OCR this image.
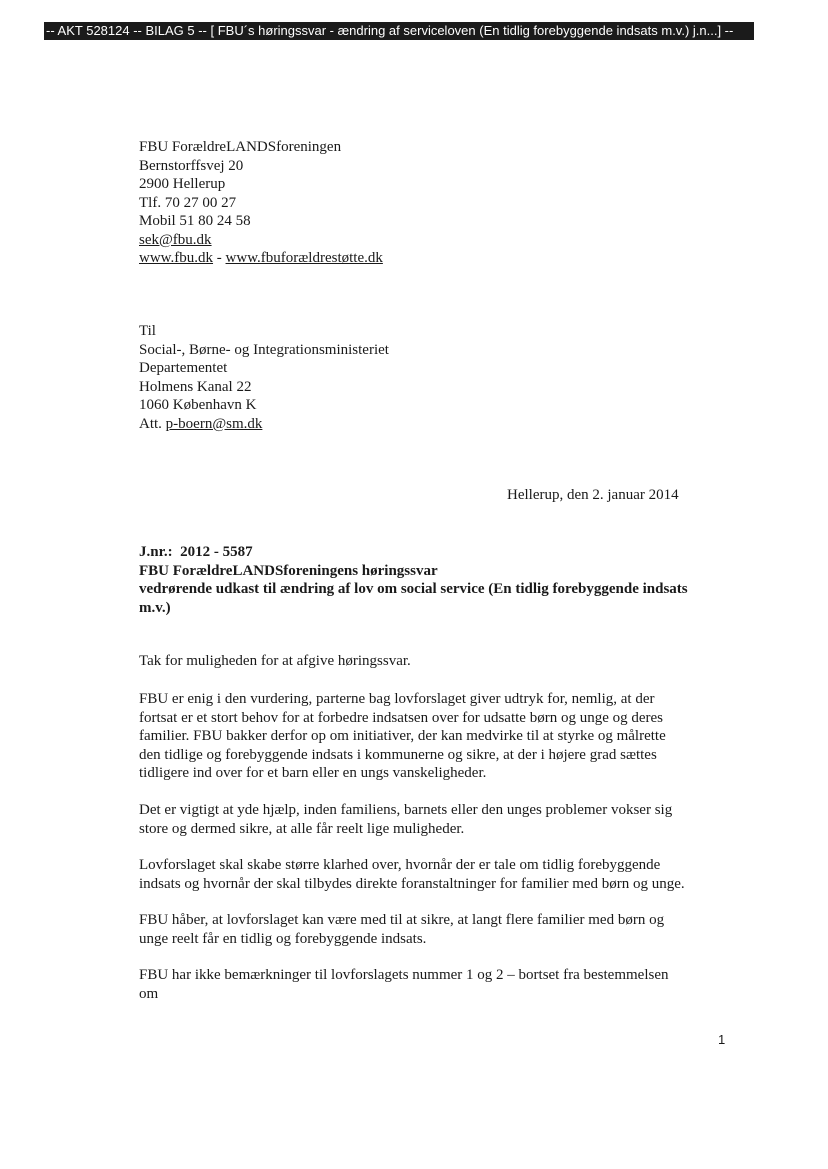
-- AKT 528124 -- BILAG 5 -- [ FBU´s høringssvar - ændring af serviceloven (En tidlig forebyggende indsats m.v.) j.n...] --
FBU ForældreLANDSforeningen
Bernstorffsvej 20
2900 Hellerup
Tlf. 70 27 00 27
Mobil 51 80 24 58
sek@fbu.dk
www.fbu.dk - www.fbuforældrestøtte.dk
Til
Social-, Børne- og Integrationsministeriet
Departementet
Holmens Kanal 22
1060 København K
Att. p-boern@sm.dk
Hellerup, den 2. januar 2014
J.nr.:  2012 - 5587
FBU ForældreLANDSforeningens høringssvar
vedrørende udkast til ændring af lov om social service (En tidlig forebyggende indsats
m.v.)
Tak for muligheden for at afgive høringssvar.
FBU er enig i den vurdering, parterne bag lovforslaget giver udtryk for, nemlig, at der
fortsat er et stort behov for at forbedre indsatsen over for udsatte børn og unge og deres
familier. FBU bakker derfor op om initiativer, der kan medvirke til at styrke og målrette
den tidlige og forebyggende indsats i kommunerne og sikre, at der i højere grad sættes
tidligere ind over for et barn eller en ungs vanskeligheder.
Det er vigtigt at yde hjælp, inden familiens, barnets eller den unges problemer vokser sig
store og dermed sikre, at alle får reelt lige muligheder.
Lovforslaget skal skabe større klarhed over, hvornår der er tale om tidlig forebyggende
indsats og hvornår der skal tilbydes direkte foranstaltninger for familier med børn og unge.
FBU håber, at lovforslaget kan være med til at sikre, at langt flere familier med børn og
unge reelt får en tidlig og forebyggende indsats.
FBU har ikke bemærkninger til lovforslagets nummer 1 og 2 – bortset fra bestemmelsen
om
1
